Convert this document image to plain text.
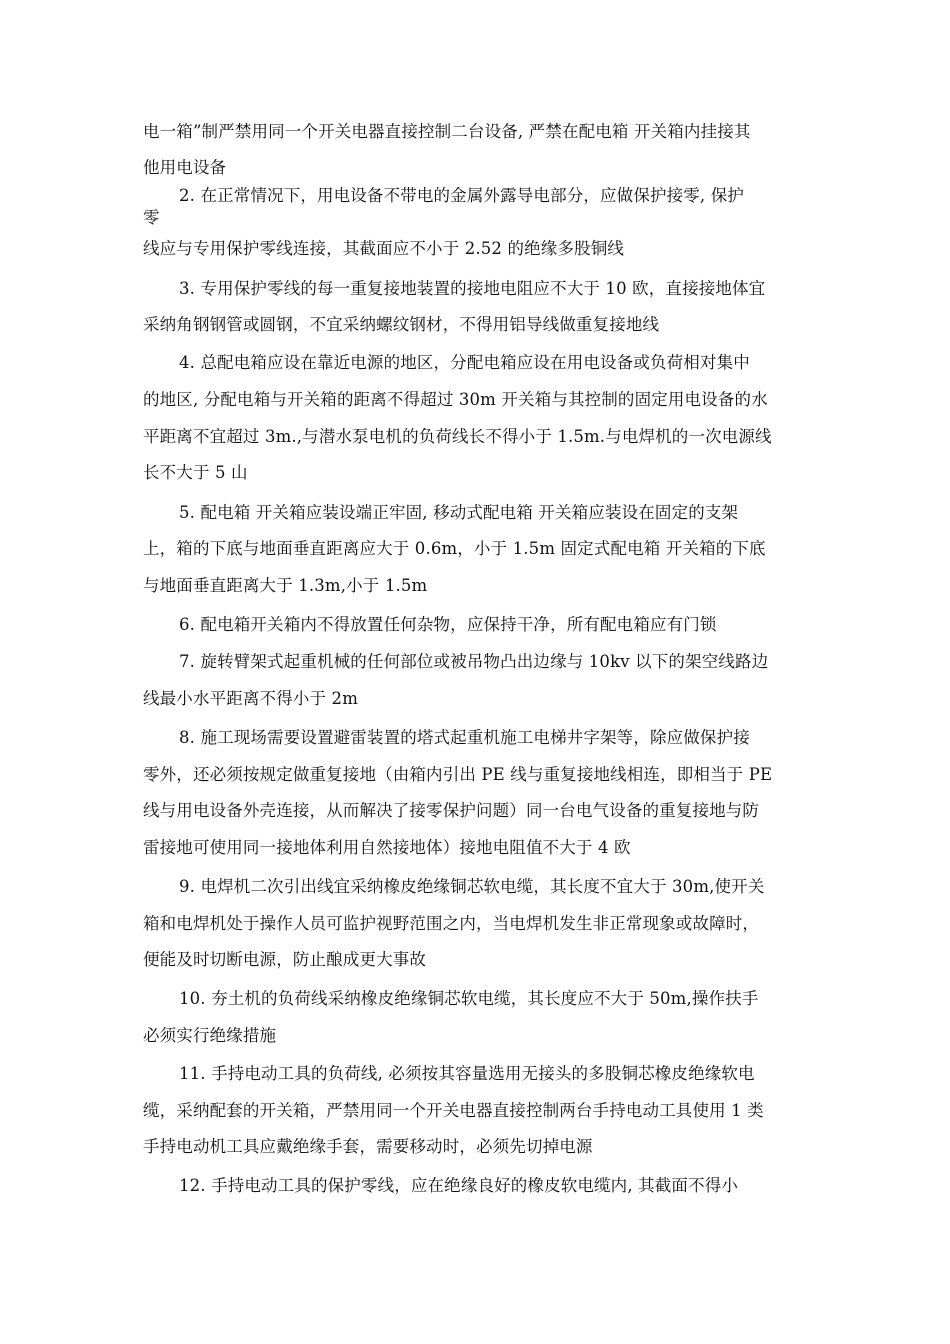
电一箱”制严禁用同一个开关电器直接控制二台设备, 严禁在配电箱 开关箱内挂接其
他用电设备
2. 在正常情况下，用电设备不带电的金属外露导电部分，应做保护接零, 保护
零
线应与专用保护零线连接，其截面应不小于 2.52 的绝缘多股铜线
3. 专用保护零线的每一重复接地装置的接地电阻应不大于 10 欧，直接接地体宜
采纳角钢钢管或圆钢，不宜采纳螺纹钢材，不得用铝导线做重复接地线
4. 总配电箱应设在靠近电源的地区，分配电箱应设在用电设备或负荷相对集中
的地区, 分配电箱与开关箱的距离不得超过 30m 开关箱与其控制的固定用电设备的水
平距离不宜超过 3m.,与潜水泵电机的负荷线长不得小于 1.5m.与电焊机的一次电源线
长不大于 5 山
5. 配电箱 开关箱应装设端正牢固, 移动式配电箱 开关箱应装设在固定的支架
上，箱的下底与地面垂直距离应大于 0.6m，小于 1.5m 固定式配电箱 开关箱的下底
与地面垂直距离大于 1.3m,小于 1.5m
6. 配电箱开关箱内不得放置任何杂物，应保持干净，所有配电箱应有门锁
7. 旋转臂架式起重机械的任何部位或被吊物凸出边缘与 10kv 以下的架空线路边
线最小水平距离不得小于 2m
8. 施工现场需要设置避雷装置的塔式起重机施工电梯井字架等，除应做保护接
零外，还必须按规定做重复接地（由箱内引出 PE 线与重复接地线相连，即相当于 PE
线与用电设备外壳连接，从而解决了接零保护问题）同一台电气设备的重复接地与防
雷接地可使用同一接地体利用自然接地体）接地电阻值不大于 4 欧
9. 电焊机二次引出线宜采纳橡皮绝缘铜芯软电缆，其长度不宜大于 30m,使开关
箱和电焊机处于操作人员可监护视野范围之内，当电焊机发生非正常现象或故障时，
便能及时切断电源，防止酿成更大事故
10. 夯土机的负荷线采纳橡皮绝缘铜芯软电缆，其长度应不大于 50m,操作扶手
必须实行绝缘措施
11. 手持电动工具的负荷线, 必须按其容量选用无接头的多股铜芯橡皮绝缘软电
缆，采纳配套的开关箱，严禁用同一个开关电器直接控制两台手持电动工具使用 1 类
手持电动机工具应戴绝缘手套，需要移动时，必须先切掉电源
12. 手持电动工具的保护零线，应在绝缘良好的橡皮软电缆内, 其截面不得小
